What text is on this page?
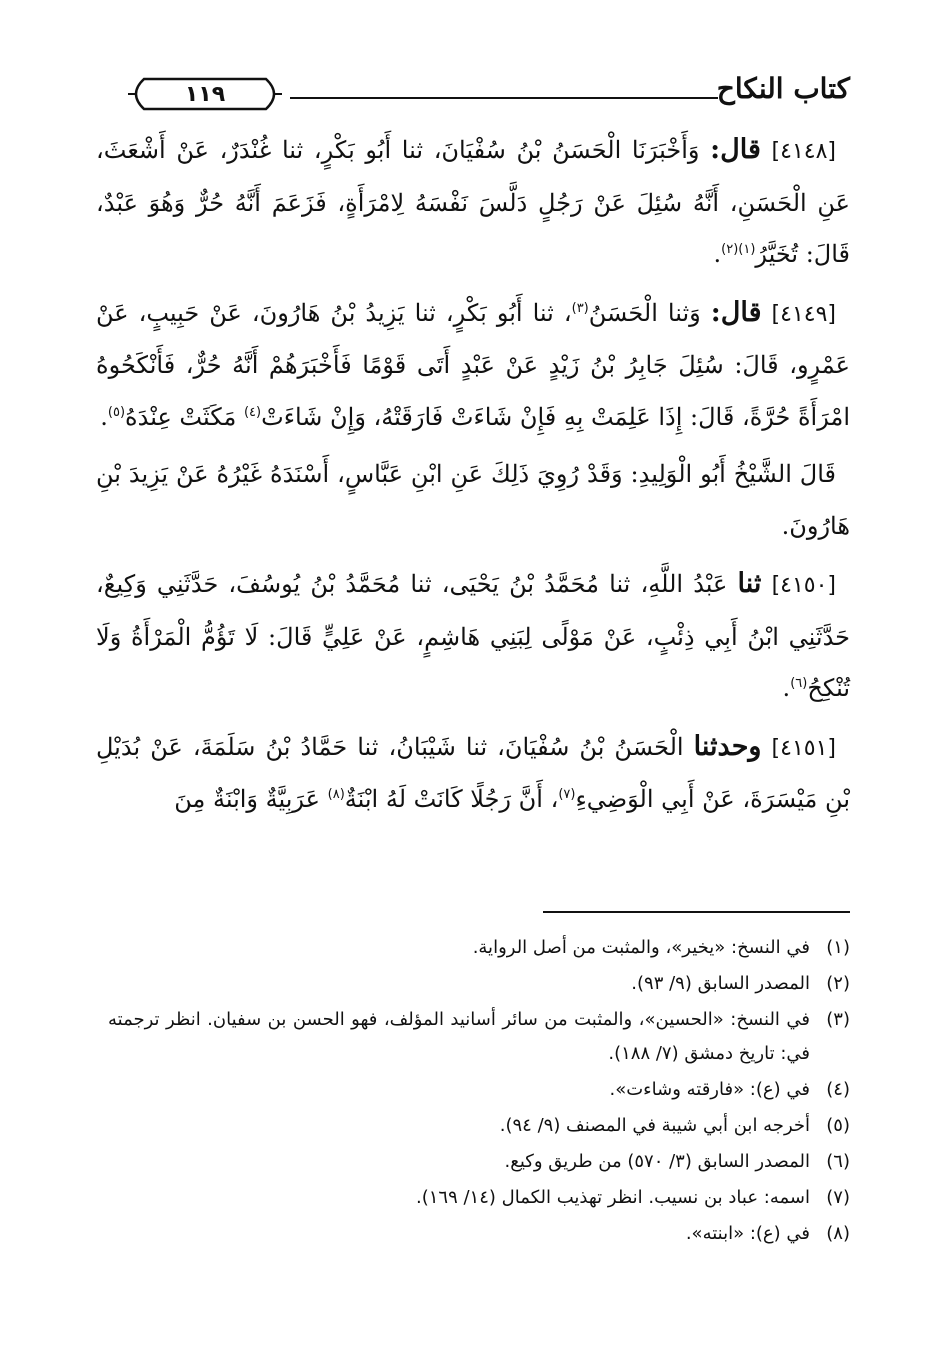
١١٩	كتاب النكاح

[٤١٤٨] قال: وَأَخْبَرَنَا الْحَسَنُ بْنُ سُفْيَانَ، ثنا أَبُو بَكْرٍ، ثنا غُنْدَرٌ، عَنْ أَشْعَثَ، عَنِ الْحَسَنِ، أَنَّهُ سُئِلَ عَنْ رَجُلٍ دَلَّسَ نَفْسَهُ لِامْرَأَةٍ، فَزَعَمَ أَنَّهُ حُرٌّ وَهُوَ عَبْدٌ، قَالَ: تُخَيَّرُ$^{(١)(٢)}$.

[٤١٤٩] قال: وَثنا الْحَسَنُ$^{(٣)}$، ثنا أَبُو بَكْرٍ، ثنا يَزِيدُ بْنُ هَارُونَ، عَنْ حَبِيبٍ، عَنْ عَمْرٍو، قَالَ: سُئِلَ جَابِرُ بْنُ زَيْدٍ عَنْ عَبْدٍ أَتَى قَوْمًا فَأَخْبَرَهُمْ أَنَّهُ حُرٌّ، فَأَنْكَحُوهُ امْرَأَةً حُرَّةً، قَالَ: إِذَا عَلِمَتْ بِهِ فَإِنْ شَاءَتْ فَارَقَتْهُ، وَإِنْ شَاءَتْ$^{(٤)}$ مَكَثَتْ عِنْدَهُ$^{(٥)}$.

قَالَ الشَّيْخُ أَبُو الْوَلِيدِ: وَقَدْ رُوِيَ ذَلِكَ عَنِ ابْنِ عَبَّاسٍ، أَسْنَدَهُ غَيْرُهُ عَنْ يَزِيدَ بْنِ هَارُونَ.

[٤١٥٠] ثنا عَبْدُ اللَّهِ، ثنا مُحَمَّدُ بْنُ يَحْيَى، ثنا مُحَمَّدُ بْنُ يُوسُفَ، حَدَّثَنِي وَكِيعٌ، حَدَّثَنِي ابْنُ أَبِي ذِئْبٍ، عَنْ مَوْلًى لِبَنِي هَاشِمٍ، عَنْ عَلِيٍّ قَالَ: لَا تَؤُمُّ الْمَرْأَةُ وَلَا تُنْكِحُ$^{(٦)}$.

[٤١٥١] وحدثنا الْحَسَنُ بْنُ سُفْيَانَ، ثنا شَيْبَانُ، ثنا حَمَّادُ بْنُ سَلَمَةَ، عَنْ بُدَيْلِ بْنِ مَيْسَرَةَ، عَنْ أَبِي الْوَضِيءِ$^{(٧)}$، أَنَّ رَجُلًا كَانَتْ لَهُ ابْنَةٌ$^{(٨)}$ عَرَبِيَّةٌ وَابْنَةٌ مِنَ

(١)
في النسخ: «يخير»، والمثبت من أصل الرواية.
(٢)
المصدر السابق (٩/ ٩٣).
(٣)
في النسخ: «الحسين»، والمثبت من سائر أسانيد المؤلف، فهو الحسن بن سفيان. انظر ترجمته في: تاريخ دمشق (٧/ ١٨٨).
(٤)
في (ع): «فارقته وشاءت».
(٥)
أخرجه ابن أبي شيبة في المصنف (٩/ ٩٤).
(٦)
المصدر السابق (٣/ ٥٧٠) من طريق وكيع.
(٧)
اسمه: عباد بن نسيب. انظر تهذيب الكمال (١٤/ ١٦٩).
(٨)
في (ع): «ابنته».
